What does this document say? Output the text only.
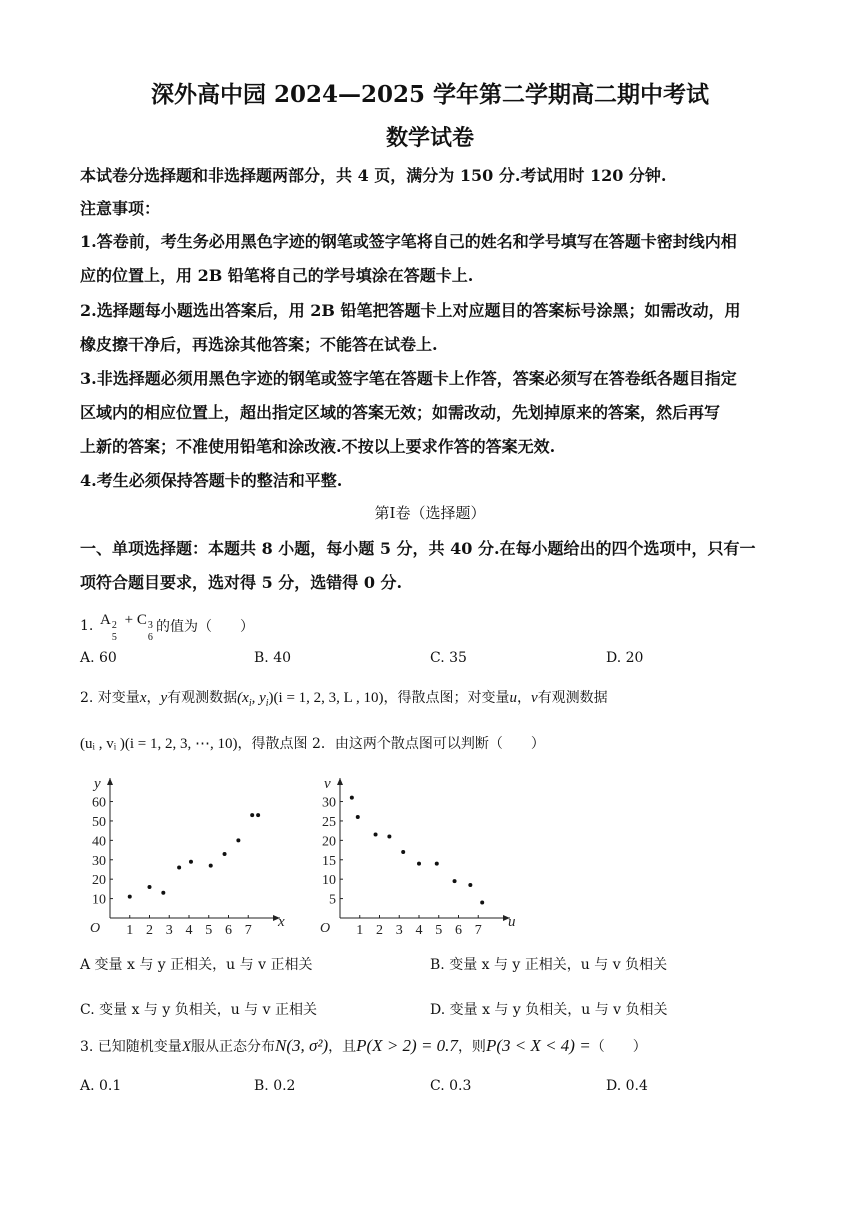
深外高中园 2024—2025 学年第二学期高二期中考试
数学试卷
本试卷分选择题和非选择题两部分，共 4 页，满分为 150 分.考试用时 120 分钟.
注意事项：
1.答卷前，考生务必用黑色字迹的钢笔或签字笔将自己的姓名和学号填写在答题卡密封线内相
应的位置上，用 2B 铅笔将自己的学号填涂在答题卡上.
2.选择题每小题选出答案后，用 2B 铅笔把答题卡上对应题目的答案标号涂黑；如需改动，用
橡皮擦干净后，再选涂其他答案；不能答在试卷上.
3.非选择题必须用黑色字迹的钢笔或签字笔在答题卡上作答，答案必须写在答卷纸各题目指定
区域内的相应位置上，超出指定区域的答案无效；如需改动，先划掉原来的答案，然后再写
上新的答案；不准使用铅笔和涂改液.不按以上要求作答的答案无效.
4.考生必须保持答题卡的整洁和平整.
第Ⅰ卷（选择题）
一、单项选择题：本题共 8 小题，每小题 5 分，共 40 分.在每小题给出的四个选项中，只有一
项符合题目要求，选对得 5 分，选错得 0 分.
1. A 2
5
+ C 3
6
的值为（　　）
A. 60	B. 40	C. 35	D. 20
2. 对变量x，y有观测数据($x_i$, $y_i)(i = 1$, 2, 3, L , 10)，得散点图；对变量u，v有观测数据
(uᵢ , vᵢ )(i = 1, 2, 3, ⋯, 10)，得散点图 2．由这两个散点图可以判断（　　）
x
y
O 1 2 3 4 5 6 7
10
20
30
40
50
60
u
v
O 1 2 3 4 5 6 7
5
10
15
20
25
30
A 变量 x 与 y 正相关，u 与 v 正相关	B. 变量 x 与 y 正相关，u 与 v 负相关
C. 变量 x 与 y 负相关，u 与 v 正相关	D. 变量 x 与 y 负相关，u 与 v 负相关
3. 已知随机变量X服从正态分布N(3, σ²)，且P(X > 2) = 0.7，则P(3 < X < 4) =（　　）
A. 0.1	B. 0.2	C. 0.3	D. 0.4
